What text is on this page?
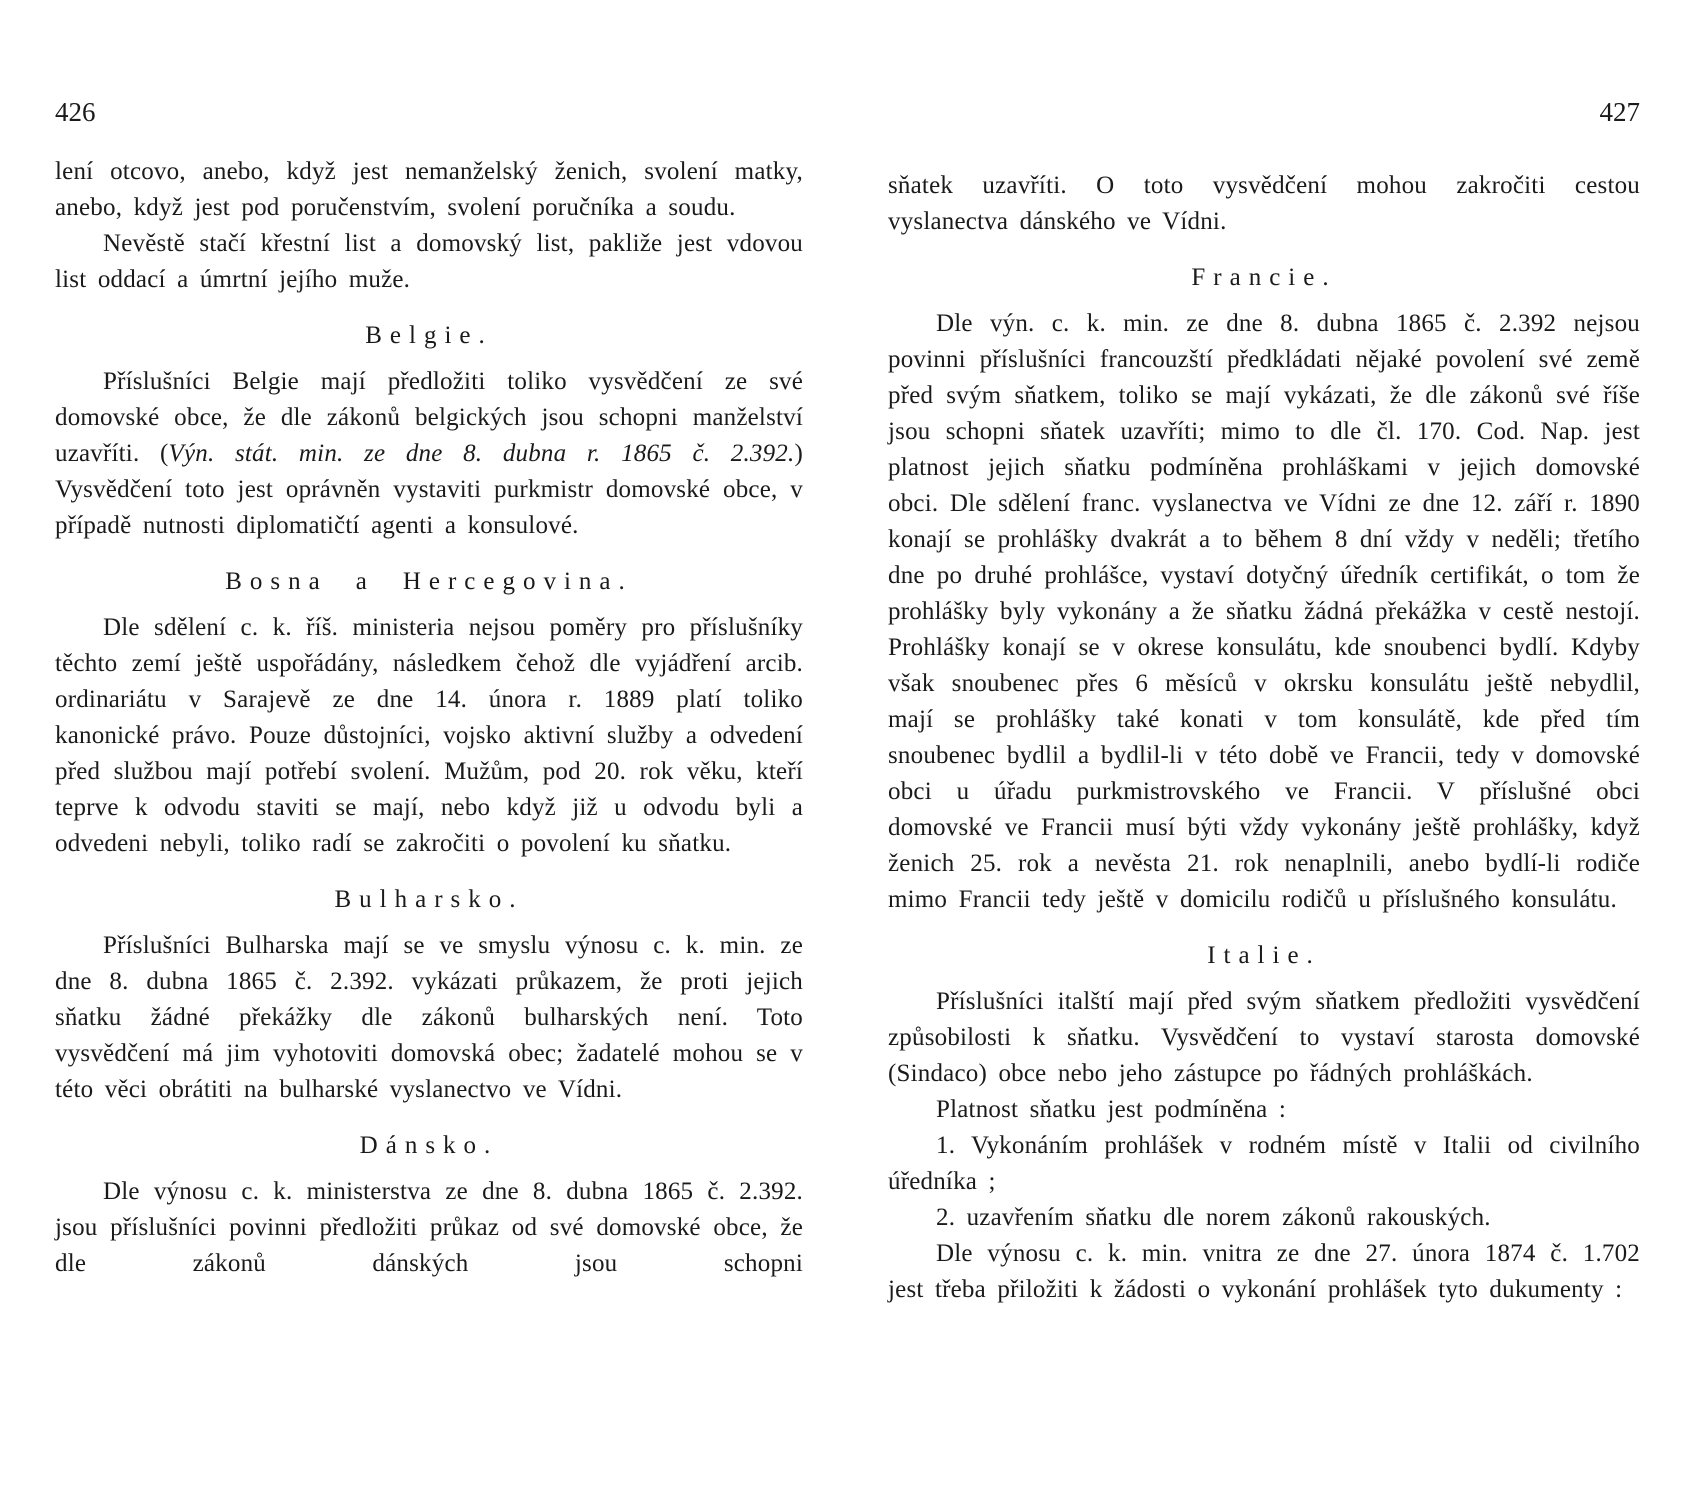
426

lení otcovo, anebo, když jest nemanželský ženich, svolení matky, anebo, když jest pod poručenstvím, svolení poručníka a soudu.

Nevěstě stačí křestní list a domovský list, pakliže jest vdovou list oddací a úmrtní jejího muže.

Belgie.

Příslušníci Belgie mají předložiti toliko vysvědčení ze své domovské obce, že dle zákonů belgických jsou schopni manželství uzavříti. (Výn. stát. min. ze dne 8. dubna r. 1865 č. 2.392.) Vysvědčení toto jest oprávněn vystaviti purkmistr domovské obce, v případě nutnosti diplomatičtí agenti a konsulové.

Bosna a Hercegovina.

Dle sdělení c. k. říš. ministeria nejsou poměry pro příslušníky těchto zemí ještě uspořádány, následkem čehož dle vyjádření arcib. ordinariátu v Sarajevě ze dne 14. února r. 1889 platí toliko kanonické právo. Pouze důstojníci, vojsko aktivní služby a odvedení před službou mají potřebí svolení. Mužům, pod 20. rok věku, kteří teprve k odvodu staviti se mají, nebo když již u odvodu byli a odvedeni nebyli, toliko radí se zakročiti o povolení ku sňatku.

Bulharsko.

Příslušníci Bulharska mají se ve smyslu výnosu c. k. min. ze dne 8. dubna 1865 č. 2.392. vykázati průkazem, že proti jejich sňatku žádné překážky dle zákonů bulharských není. Toto vysvědčení má jim vyhotoviti domovská obec; žadatelé mohou se v této věci obrátiti na bulharské vyslanectvo ve Vídni.

Dánsko.

Dle výnosu c. k. ministerstva ze dne 8. dubna 1865 č. 2.392. jsou příslušníci povinni předložiti průkaz od své domovské obce, že dle zákonů dánských jsou schopni

427

sňatek uzavříti. O toto vysvědčení mohou zakročiti cestou vyslanectva dánského ve Vídni.

Francie.

Dle výn. c. k. min. ze dne 8. dubna 1865 č. 2.392 nejsou povinni příslušníci francouzští předkládati nějaké povolení své země před svým sňatkem, toliko se mají vykázati, že dle zákonů své říše jsou schopni sňatek uzavříti; mimo to dle čl. 170. Cod. Nap. jest platnost jejich sňatku podmíněna prohláškami v jejich domovské obci. Dle sdělení franc. vyslanectva ve Vídni ze dne 12. září r. 1890 konají se prohlášky dvakrát a to během 8 dní vždy v neděli; třetího dne po druhé prohlášce, vystaví dotyčný úředník certifikát, o tom že prohlášky byly vykonány a že sňatku žádná překážka v cestě nestojí. Prohlášky konají se v okrese konsulátu, kde snoubenci bydlí. Kdyby však snoubenec přes 6 měsíců v okrsku konsulátu ještě nebydlil, mají se prohlášky také konati v tom konsulátě, kde před tím snoubenec bydlil a bydlil-li v této době ve Francii, tedy v domovské obci u úřadu purkmistrovského ve Francii. V příslušné obci domovské ve Francii musí býti vždy vykonány ještě prohlášky, když ženich 25. rok a nevěsta 21. rok nenaplnili, anebo bydlí-li rodiče mimo Francii tedy ještě v domicilu rodičů u příslušného konsulátu.

Italie.

Příslušníci italští mají před svým sňatkem předložiti vysvědčení způsobilosti k sňatku. Vysvědčení to vystaví starosta domovské (Sindaco) obce nebo jeho zástupce po řádných prohláškách.

Platnost sňatku jest podmíněna :

1. Vykonáním prohlášek v rodném místě v Italii od civilního úředníka ;

2. uzavřením sňatku dle norem zákonů rakouských.

Dle výnosu c. k. min. vnitra ze dne 27. února 1874 č. 1.702 jest třeba přiložiti k žádosti o vykonání prohlášek tyto dukumenty :
